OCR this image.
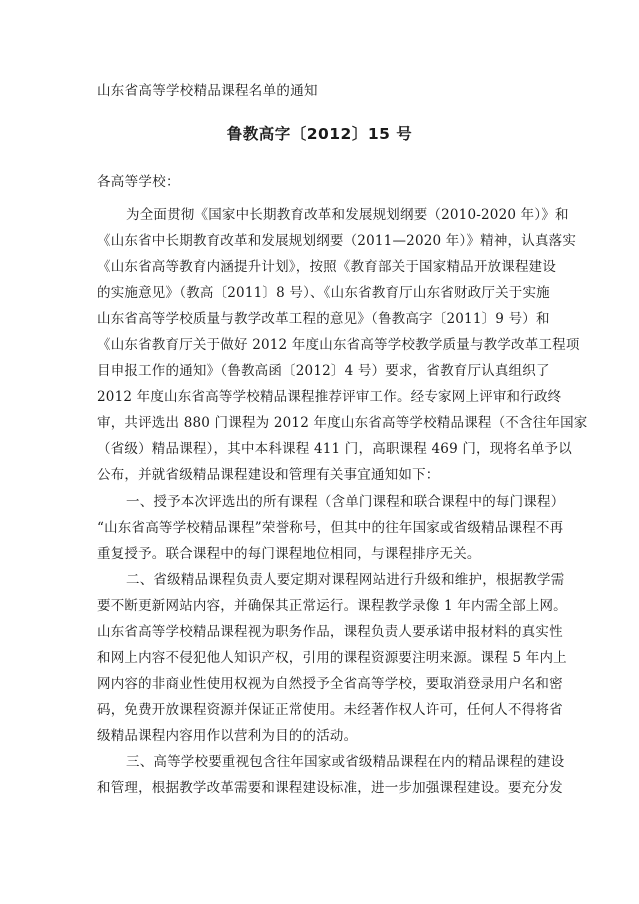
山东省高等学校精品课程名单的通知
鲁教高字〔2012〕15 号
各高等学校：
为全面贯彻《国家中长期教育改革和发展规划纲要（2010-2020 年）》和
《山东省中长期教育改革和发展规划纲要（2011—2020 年）》精神，认真落实
《山东省高等教育内涵提升计划》，按照《教育部关于国家精品开放课程建设
的实施意见》（教高〔2011〕8 号）、《山东省教育厅山东省财政厅关于实施
山东省高等学校质量与教学改革工程的意见》（鲁教高字〔2011〕9 号）和
《山东省教育厅关于做好 2012 年度山东省高等学校教学质量与教学改革工程项
目申报工作的通知》（鲁教高函〔2012〕4 号）要求，省教育厅认真组织了
2012 年度山东省高等学校精品课程推荐评审工作。经专家网上评审和行政终
审，共评选出 880 门课程为 2012 年度山东省高等学校精品课程（不含往年国家
（省级）精品课程），其中本科课程 411 门，高职课程 469 门，现将名单予以
公布，并就省级精品课程建设和管理有关事宜通知如下：
一、授予本次评选出的所有课程（含单门课程和联合课程中的每门课程）
“山东省高等学校精品课程”荣誉称号，但其中的往年国家或省级精品课程不再
重复授予。联合课程中的每门课程地位相同，与课程排序无关。
二、省级精品课程负责人要定期对课程网站进行升级和维护，根据教学需
要不断更新网站内容，并确保其正常运行。课程教学录像 1 年内需全部上网。
山东省高等学校精品课程视为职务作品，课程负责人要承诺申报材料的真实性
和网上内容不侵犯他人知识产权，引用的课程资源要注明来源。课程 5 年内上
网内容的非商业性使用权视为自然授予全省高等学校，要取消登录用户名和密
码，免费开放课程资源并保证正常使用。未经著作权人许可，任何人不得将省
级精品课程内容用作以营利为目的的活动。
三、高等学校要重视包含往年国家或省级精品课程在内的精品课程的建设
和管理，根据教学改革需要和课程建设标准，进一步加强课程建设。要充分发
